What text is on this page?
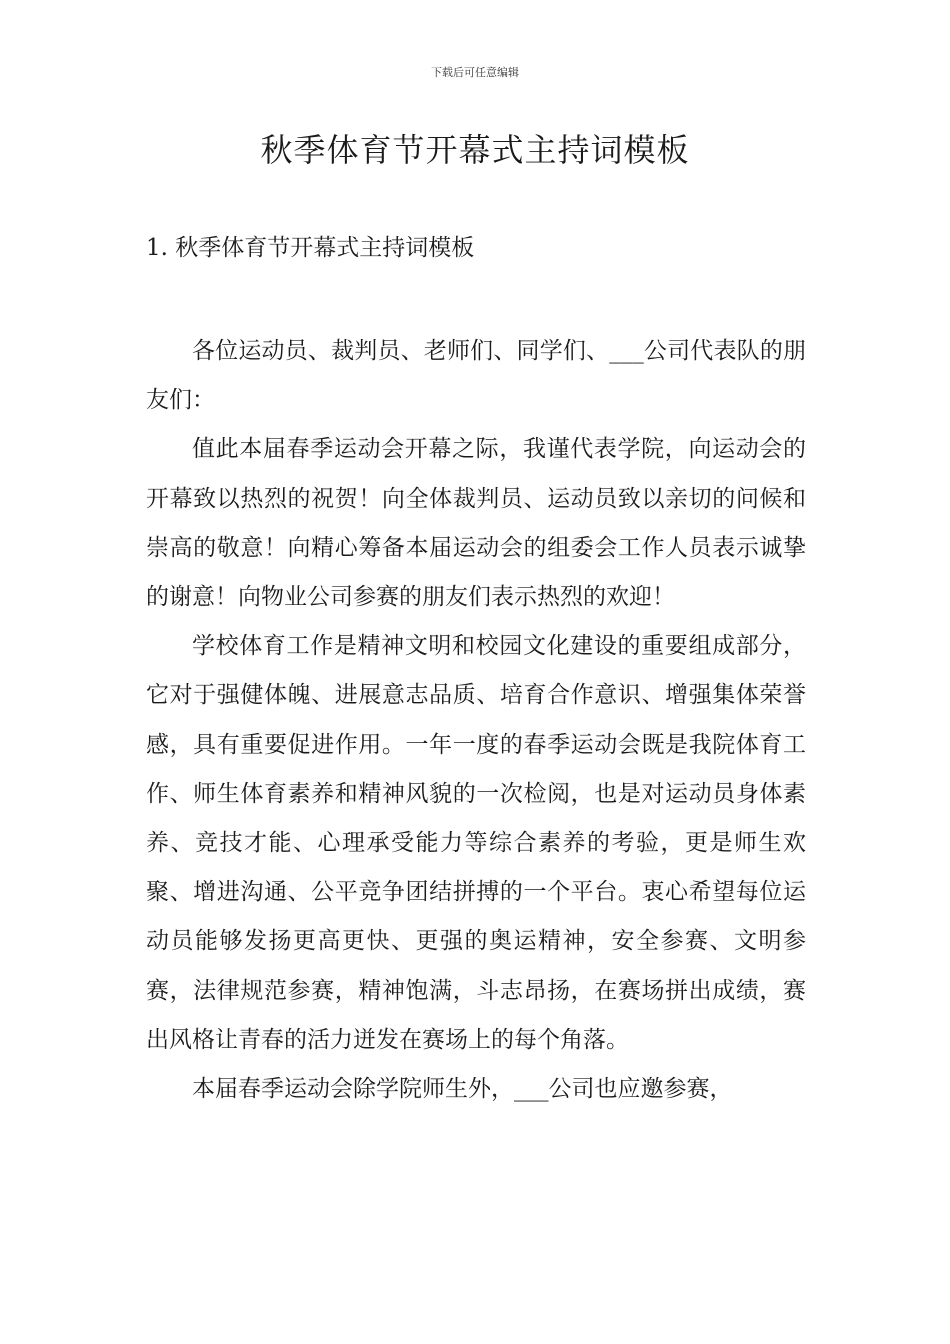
下载后可任意编辑
秋季体育节开幕式主持词模板
1. 秋季体育节开幕式主持词模板

各位运动员、裁判员、老师们、同学们、___公司代表队的朋友们：

值此本届春季运动会开幕之际，我谨代表学院，向运动会的开幕致以热烈的祝贺！向全体裁判员、运动员致以亲切的问候和崇高的敬意！向精心筹备本届运动会的组委会工作人员表示诚挚的谢意！向物业公司参赛的朋友们表示热烈的欢迎！

学校体育工作是精神文明和校园文化建设的重要组成部分，它对于强健体魄、进展意志品质、培育合作意识、增强集体荣誉感，具有重要促进作用。一年一度的春季运动会既是我院体育工作、师生体育素养和精神风貌的一次检阅，也是对运动员身体素养、竞技才能、心理承受能力等综合素养的考验，更是师生欢聚、增进沟通、公平竞争团结拼搏的一个平台。衷心希望每位运动员能够发扬更高更快、更强的奥运精神，安全参赛、文明参赛，法律规范参赛，精神饱满，斗志昂扬，在赛场拼出成绩，赛出风格让青春的活力迸发在赛场上的每个角落。

本届春季运动会除学院师生外，___公司也应邀参赛，
